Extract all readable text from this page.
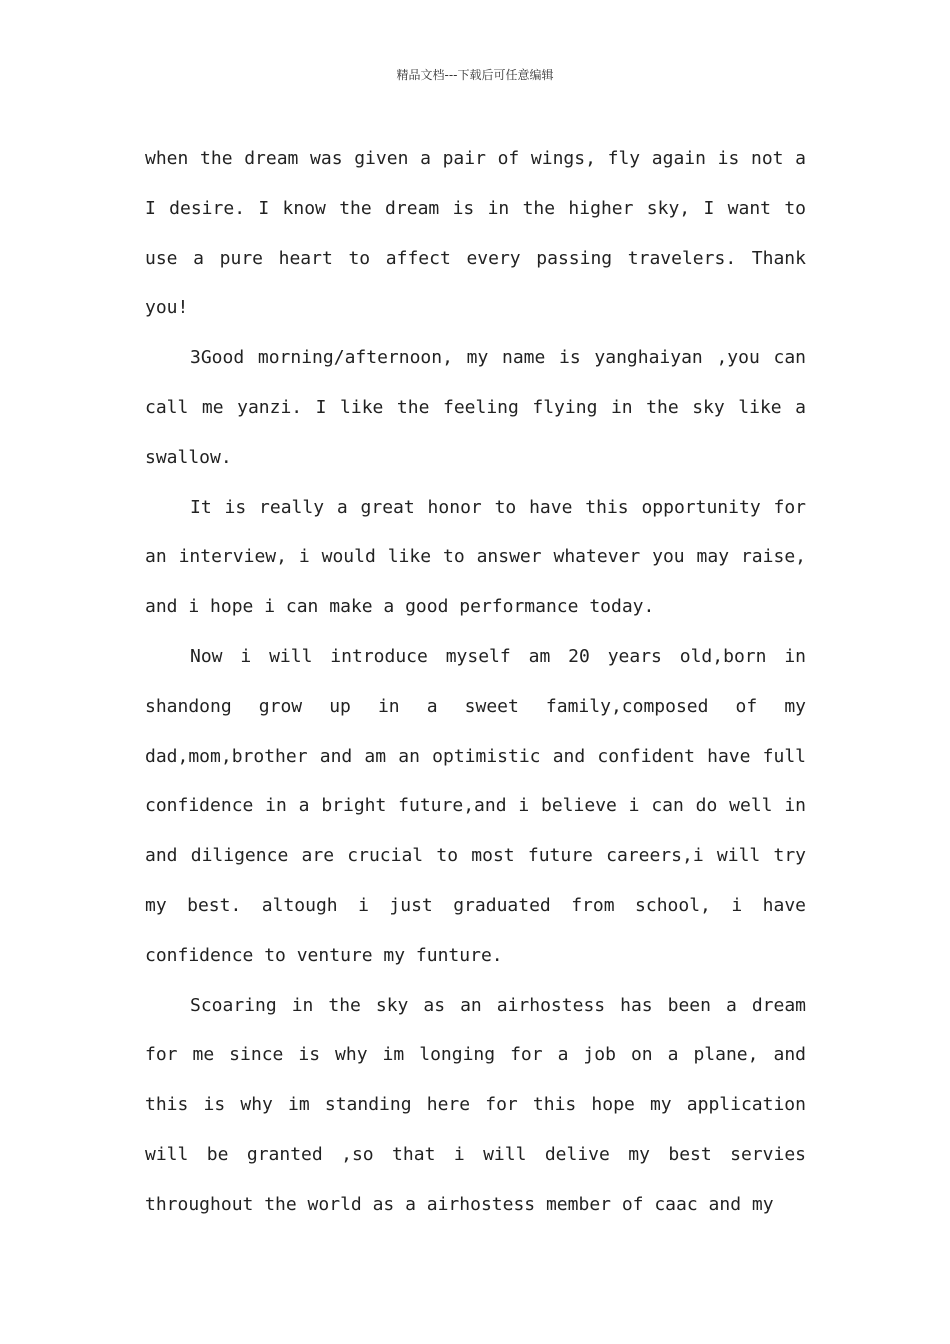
精品文档---下载后可任意编辑

when the dream was given a pair of wings, fly again is not a I desire. I know the dream is in the higher sky, I want to use a pure heart to affect every passing travelers. Thank you!

3Good morning/afternoon, my name is yanghaiyan ,you can call me yanzi. I like the feeling flying in the sky like a swallow.

It is really a great honor to have this opportunity for an interview, i would like to answer whatever you may raise, and i hope i can make a good performance today.

Now i will introduce myself am 20 years old,born in shandong grow up in a sweet family,composed of my dad,mom,brother and am an optimistic and confident have full confidence in a bright future,and i believe i can do well in and diligence are crucial to most future careers,i will try my best. altough i just graduated from school, i have confidence to venture my funture.

Scoaring in the sky as an airhostess has been a dream for me since is why im longing for a job on a plane, and this is why im standing here for this hope my application will be granted ,so that i will delive my best servies throughout the world as a airhostess member of caac and my
